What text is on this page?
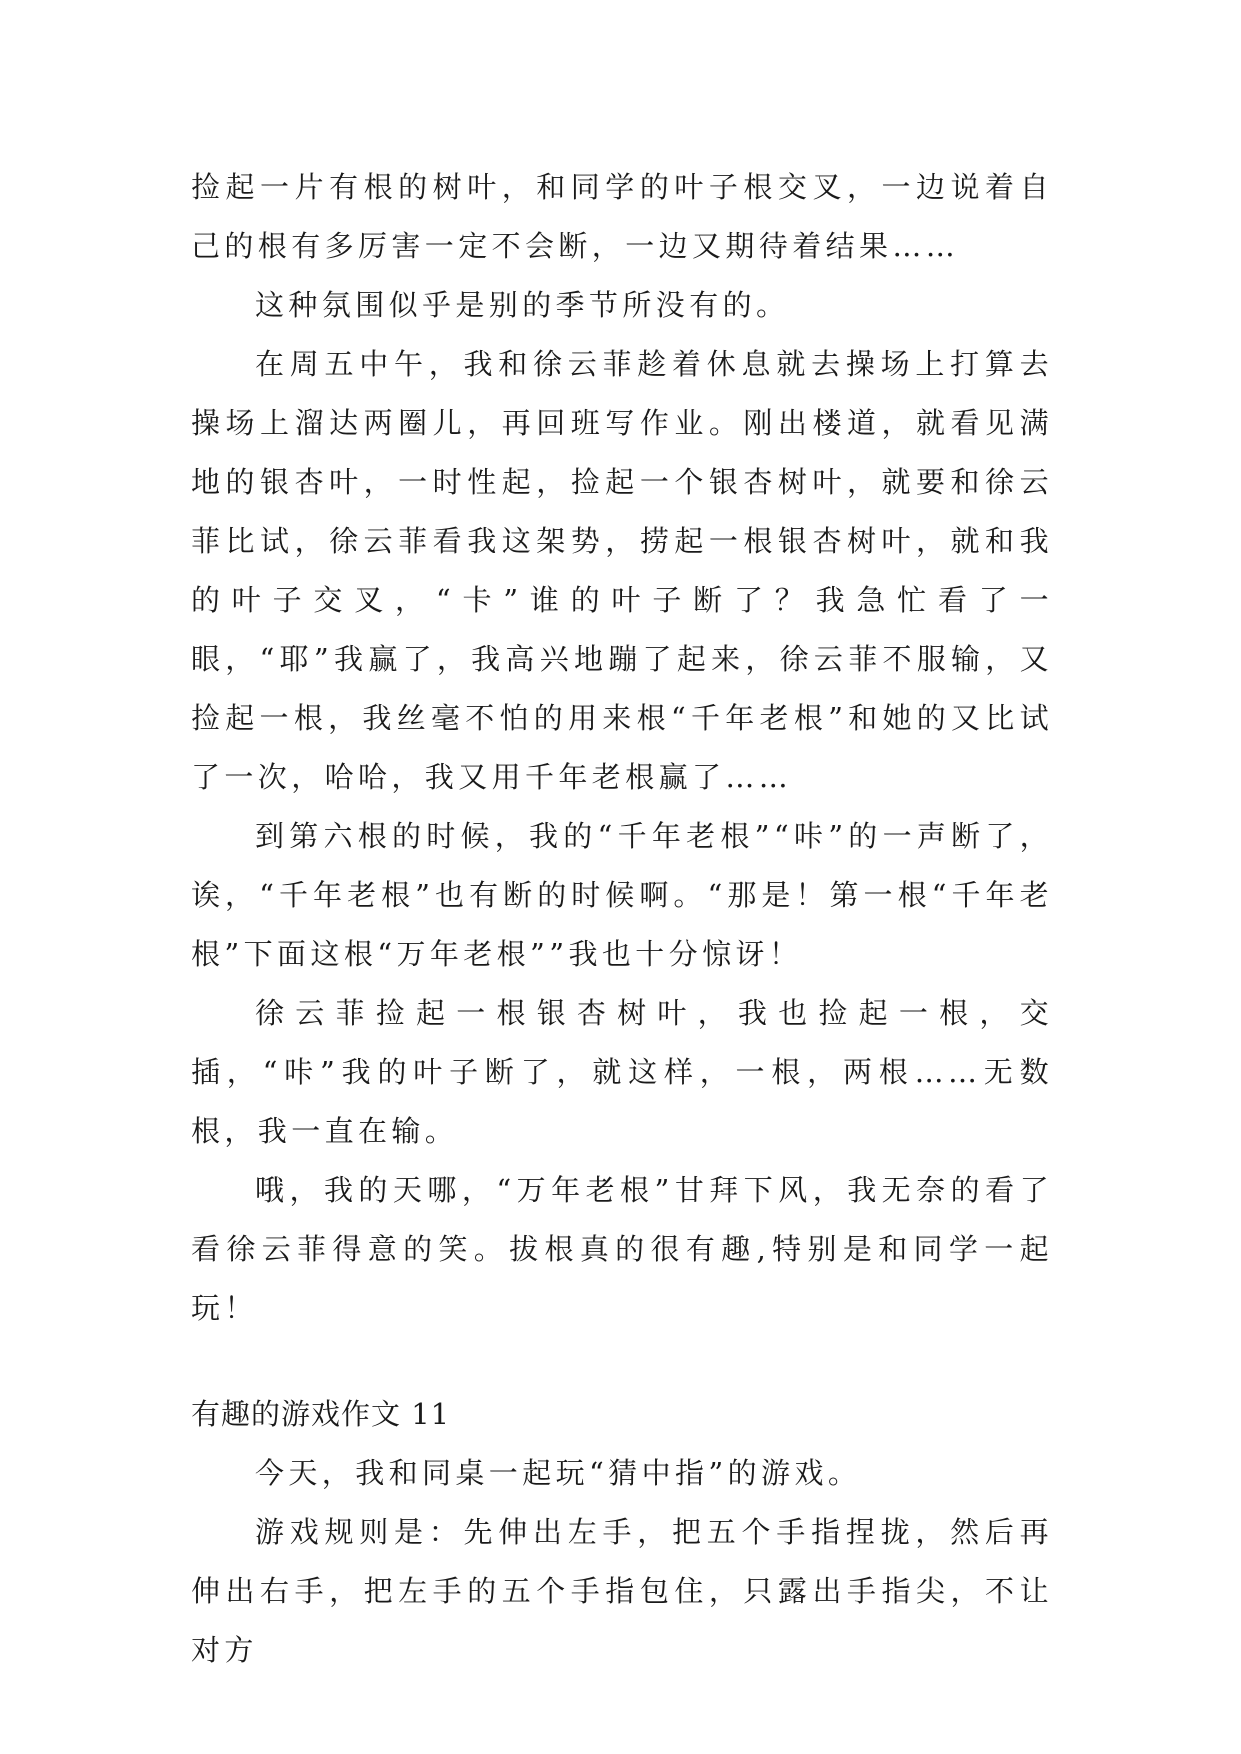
捡起一片有根的树叶，和同学的叶子根交叉，一边说着自己的根有多厉害一定不会断，一边又期待着结果……

这种氛围似乎是别的季节所没有的。

在周五中午，我和徐云菲趁着休息就去操场上打算去操场上溜达两圈儿，再回班写作业。刚出楼道，就看见满地的银杏叶，一时性起，捡起一个银杏树叶，就要和徐云菲比试，徐云菲看我这架势，捞起一根银杏树叶，就和我的叶子交叉，“卡”谁的叶子断了？我急忙看了一眼，“耶”我赢了，我高兴地蹦了起来，徐云菲不服输，又捡起一根，我丝毫不怕的用来根“千年老根”和她的又比试了一次，哈哈，我又用千年老根赢了……

到第六根的时候，我的“千年老根”“咔”的一声断了，诶，“千年老根”也有断的时候啊。“那是！第一根“千年老根”下面这根“万年老根””我也十分惊讶！

徐云菲捡起一根银杏树叶，我也捡起一根，交插，“咔”我的叶子断了，就这样，一根，两根……无数根，我一直在输。

哦，我的天哪，“万年老根”甘拜下风，我无奈的看了看徐云菲得意的笑。拔根真的很有趣,特别是和同学一起玩！

有趣的游戏作文 11

今天，我和同桌一起玩“猜中指”的游戏。

游戏规则是：先伸出左手，把五个手指捏拢，然后再伸出右手，把左手的五个手指包住，只露出手指尖，不让对方
